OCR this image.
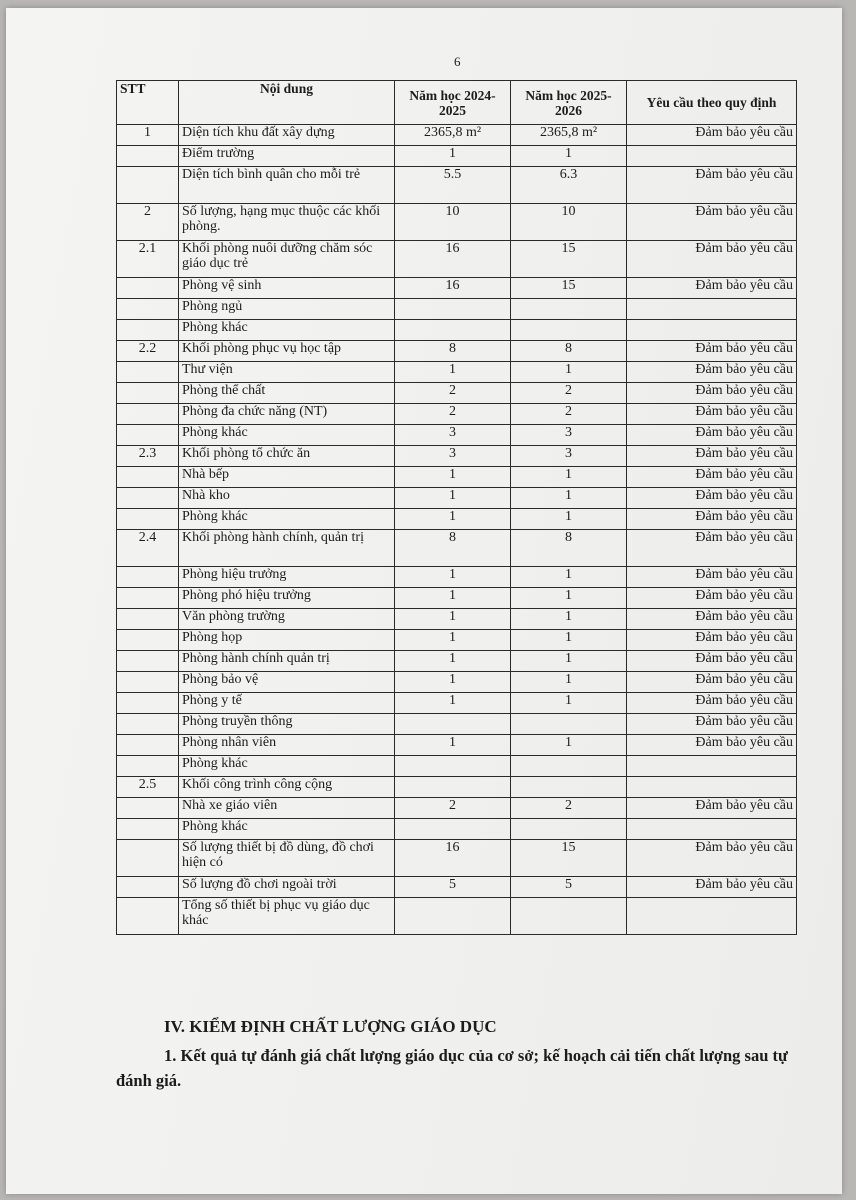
6
STT	Nội dung	Năm học 2024-2025	Năm học 2025-2026	Yêu cầu theo quy định
1	Diện tích khu đất xây dựng	2365,8 m²	2365,8 m²	Đảm bảo yêu cầu
	Điểm trường	1	1	
	Diện tích bình quân cho mỗi trẻ	5.5	6.3	Đảm bảo yêu cầu
2	Số lượng, hạng mục thuộc các khối phòng.	10	10	Đảm bảo yêu cầu
2.1	Khối phòng nuôi dưỡng chăm sóc giáo dục trẻ	16	15	Đảm bảo yêu cầu
	Phòng vệ sinh	16	15	Đảm bảo yêu cầu
	Phòng ngủ			
	Phòng khác			
2.2	Khối phòng phục vụ học tập	8	8	Đảm bảo yêu cầu
	Thư viện	1	1	Đảm bảo yêu cầu
	Phòng thể chất	2	2	Đảm bảo yêu cầu
	Phòng đa chức năng (NT)	2	2	Đảm bảo yêu cầu
	Phòng khác	3	3	Đảm bảo yêu cầu
2.3	Khối phòng tổ chức ăn	3	3	Đảm bảo yêu cầu
	Nhà bếp	1	1	Đảm bảo yêu cầu
	Nhà kho	1	1	Đảm bảo yêu cầu
	Phòng khác	1	1	Đảm bảo yêu cầu
2.4	Khối phòng hành chính, quản trị	8	8	Đảm bảo yêu cầu
	Phòng hiệu trưởng	1	1	Đảm bảo yêu cầu
	Phòng phó hiệu trưởng	1	1	Đảm bảo yêu cầu
	Văn phòng trường	1	1	Đảm bảo yêu cầu
	Phòng họp	1	1	Đảm bảo yêu cầu
	Phòng hành chính quản trị	1	1	Đảm bảo yêu cầu
	Phòng bảo vệ	1	1	Đảm bảo yêu cầu
	Phòng y tế	1	1	Đảm bảo yêu cầu
	Phòng truyền thông			Đảm bảo yêu cầu
	Phòng nhân viên	1	1	Đảm bảo yêu cầu
	Phòng khác			
2.5	Khối công trình công cộng			
	Nhà xe giáo viên	2	2	Đảm bảo yêu cầu
	Phòng khác			
	Số lượng thiết bị đồ dùng, đồ chơi hiện có	16	15	Đảm bảo yêu cầu
	Số lượng đồ chơi ngoài trời	5	5	Đảm bảo yêu cầu
	Tổng số thiết bị phục vụ giáo dục khác			
IV. KIỂM ĐỊNH CHẤT LƯỢNG GIÁO DỤC
1. Kết quả tự đánh giá chất lượng giáo dục của cơ sở; kế hoạch cải tiến chất lượng sau tự đánh giá.
